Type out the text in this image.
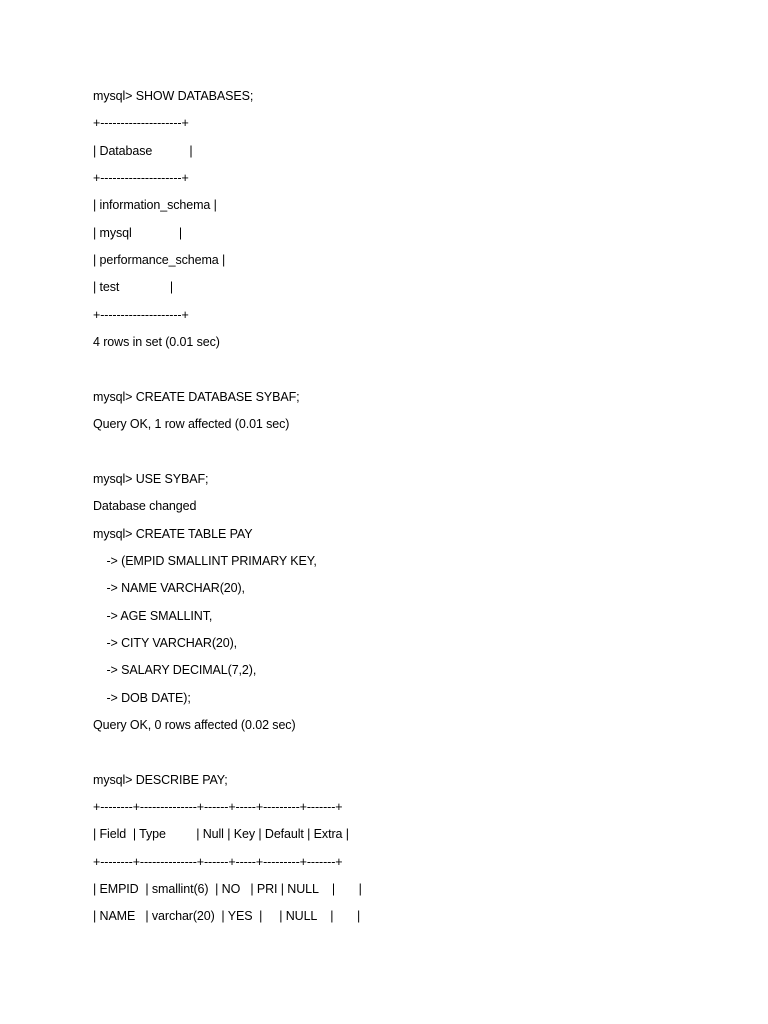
mysql> SHOW DATABASES;
+--------------------+
| Database           |
+--------------------+
| information_schema |
| mysql              |
| performance_schema |
| test               |
+--------------------+
4 rows in set (0.01 sec)
mysql> CREATE DATABASE SYBAF;
Query OK, 1 row affected (0.01 sec)
mysql> USE SYBAF;
Database changed
mysql> CREATE TABLE PAY
-> (EMPID SMALLINT PRIMARY KEY,
-> NAME VARCHAR(20),
-> AGE SMALLINT,
-> CITY VARCHAR(20),
-> SALARY DECIMAL(7,2),
-> DOB DATE);
Query OK, 0 rows affected (0.02 sec)
mysql> DESCRIBE PAY;
+--------+--------------+------+-----+---------+-------+
| Field  | Type         | Null | Key | Default | Extra |
+--------+--------------+------+-----+---------+-------+
| EMPID  | smallint(6)  | NO   | PRI | NULL    |       |
| NAME   | varchar(20)  | YES  |     | NULL    |       |
